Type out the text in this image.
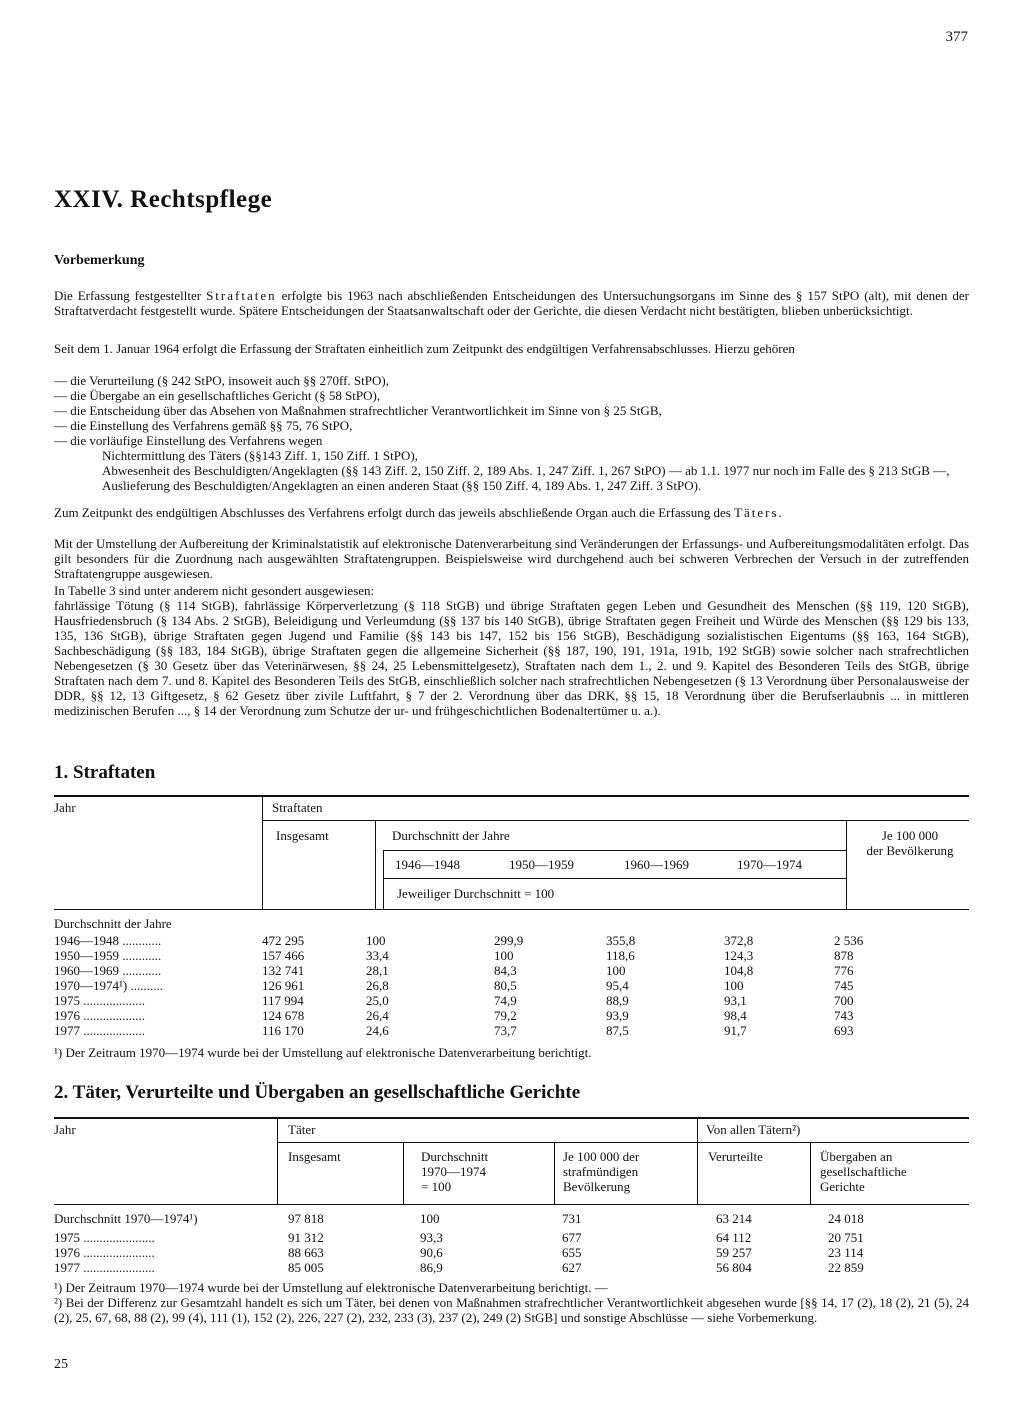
377
XXIV. Rechtspflege
Vorbemerkung
Die Erfassung festgestellter Straftaten erfolgte bis 1963 nach abschließenden Entscheidungen des Untersuchungsorgans im Sinne des § 157 StPO (alt), mit denen der Straftatverdacht festgestellt wurde. Spätere Entscheidungen der Staatsanwaltschaft oder der Gerichte, die diesen Verdacht nicht bestätigten, blieben unberücksichtigt.
Seit dem 1. Januar 1964 erfolgt die Erfassung der Straftaten einheitlich zum Zeitpunkt des endgültigen Verfahrensabschlusses. Hierzu gehören
— die Verurteilung (§ 242 StPO, insoweit auch §§ 270ff. StPO),
— die Übergabe an ein gesellschaftliches Gericht (§ 58 StPO),
— die Entscheidung über das Absehen von Maßnahmen strafrechtlicher Verantwortlichkeit im Sinne von § 25 StGB,
— die Einstellung des Verfahrens gemäß §§ 75, 76 StPO,
— die vorläufige Einstellung des Verfahrens wegen
Nichtermittlung des Täters (§§143 Ziff. 1, 150 Ziff. 1 StPO),
Abwesenheit des Beschuldigten/Angeklagten (§§ 143 Ziff. 2, 150 Ziff. 2, 189 Abs. 1, 247 Ziff. 1, 267 StPO) — ab 1.1. 1977 nur noch im Falle des § 213 StGB —,
Auslieferung des Beschuldigten/Angeklagten an einen anderen Staat (§§ 150 Ziff. 4, 189 Abs. 1, 247 Ziff. 3 StPO).
Zum Zeitpunkt des endgültigen Abschlusses des Verfahrens erfolgt durch das jeweils abschließende Organ auch die Erfassung des Täters.
Mit der Umstellung der Aufbereitung der Kriminalstatistik auf elektronische Datenverarbeitung sind Veränderungen der Erfassungs- und Aufbereitungsmodalitäten erfolgt. Das gilt besonders für die Zuordnung nach ausgewählten Straftatengruppen. Beispielsweise wird durchgehend auch bei schweren Verbrechen der Versuch in der zutreffenden Straftatengruppe ausgewiesen.
In Tabelle 3 sind unter anderem nicht gesondert ausgewiesen:
fahrlässige Tötung (§ 114 StGB), fahrlässige Körperverletzung (§ 118 StGB) und übrige Straftaten gegen Leben und Gesundheit des Menschen (§§ 119, 120 StGB), Hausfriedensbruch (§ 134 Abs. 2 StGB), Beleidigung und Verleumdung (§§ 137 bis 140 StGB), übrige Straftaten gegen Freiheit und Würde des Menschen (§§ 129 bis 133, 135, 136 StGB), übrige Straftaten gegen Jugend und Familie (§§ 143 bis 147, 152 bis 156 StGB), Beschädigung sozialistischen Eigentums (§§ 163, 164 StGB), Sachbeschädigung (§§ 183, 184 StGB), übrige Straftaten gegen die allgemeine Sicherheit (§§ 187, 190, 191, 191a, 191b, 192 StGB) sowie solcher nach strafrechtlichen Nebengesetzen (§ 30 Gesetz über das Veterinärwesen, §§ 24, 25 Lebensmittelgesetz), Straftaten nach dem 1., 2. und 9. Kapitel des Besonderen Teils des StGB, übrige Straftaten nach dem 7. und 8. Kapitel des Besonderen Teils des StGB, einschließlich solcher nach strafrechtlichen Nebengesetzen (§ 13 Verordnung über Personalausweise der DDR, §§ 12, 13 Giftgesetz, § 62 Gesetz über zivile Luftfahrt, § 7 der 2. Verordnung über das DRK, §§ 15, 18 Verordnung über die Berufserlaubnis ... in mittleren medizinischen Berufen ..., § 14 der Verordnung zum Schutze der ur- und frühgeschichtlichen Bodenaltertümer u. a.).
1. Straftaten
Jahr	Straftaten
Insgesamt	Durchschnitt der Jahre	Je 100 000
der Bevölkerung
1946—1948	1950—1959	1960—1969	1970—1974
Jeweiliger Durchschnitt = 100
Durchschnitt der Jahre
1946—1948 ............	472 295	100	299,9	355,8	372,8	2 536
1950—1959 ............	157 466	33,4	100	118,6	124,3	878
1960—1969 ............	132 741	28,1	84,3	100	104,8	776
1970—1974¹) ..........	126 961	26,8	80,5	95,4	100	745
1975 ...................	117 994	25,0	74,9	88,9	93,1	700
1976 ...................	124 678	26,4	79,2	93,9	98,4	743
1977 ...................	116 170	24,6	73,7	87,5	91,7	693
¹) Der Zeitraum 1970—1974 wurde bei der Umstellung auf elektronische Datenverarbeitung berichtigt.
2. Täter, Verurteilte und Übergaben an gesellschaftliche Gerichte
Jahr	Täter	Von allen Tätern²)
Insgesamt	Durchschnitt
1970—1974
= 100
Je 100 000 der
strafmündigen
Bevölkerung
Verurteilte	Übergaben an
gesellschaftliche
Gerichte
Durchschnitt 1970—1974¹)	97 818	100	731	63 214	24 018
1975 ......................	91 312	93,3	677	64 112	20 751
1976 ......................	88 663	90,6	655	59 257	23 114
1977 ......................	85 005	86,9	627	56 804	22 859
¹) Der Zeitraum 1970—1974 wurde bei der Umstellung auf elektronische Datenverarbeitung berichtigt. —
²) Bei der Differenz zur Gesamtzahl handelt es sich um Täter, bei denen von Maßnahmen strafrechtlicher Verantwortlichkeit abgesehen wurde [§§ 14, 17 (2), 18 (2), 21 (5), 24 (2), 25, 67, 68, 88 (2), 99 (4), 111 (1), 152 (2), 226, 227 (2), 232, 233 (3), 237 (2), 249 (2) StGB] und sonstige Abschlüsse — siehe Vorbemerkung.
25
